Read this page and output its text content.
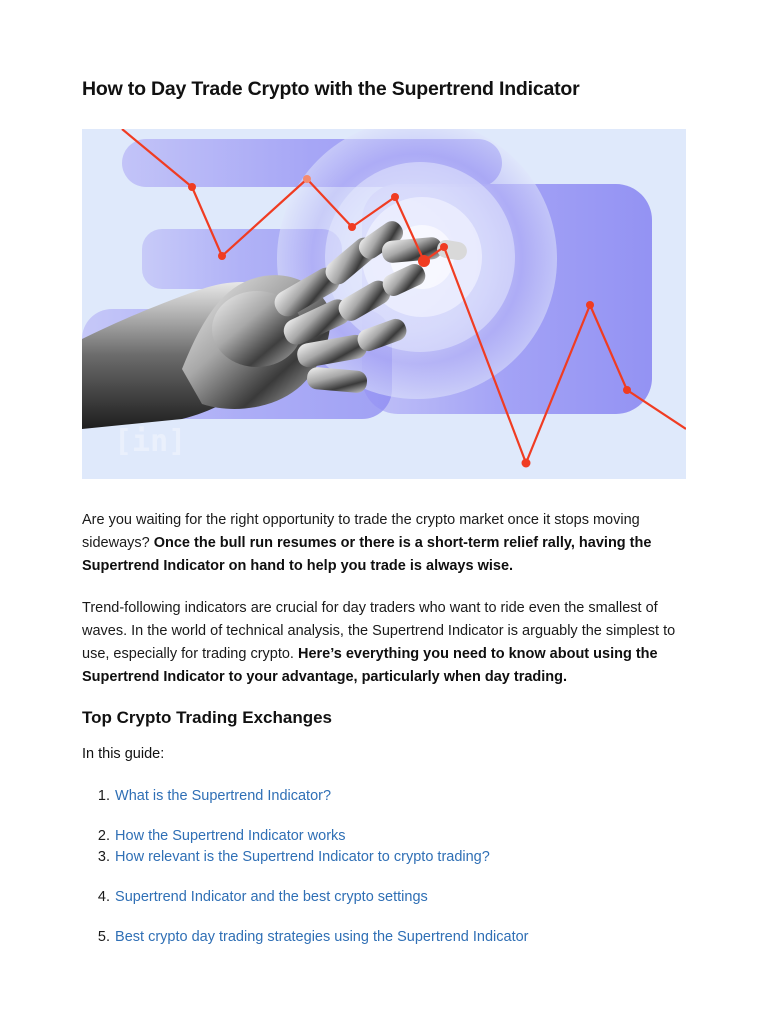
How to Day Trade Crypto with the Supertrend Indicator
[in]

Are you waiting for the right opportunity to trade the crypto market once it stops moving sideways? Once the bull run resumes or there is a short-term relief rally, having the Supertrend Indicator on hand to help you trade is always wise.

Trend-following indicators are crucial for day traders who want to ride even the smallest of waves. In the world of technical analysis, the Supertrend Indicator is arguably the simplest to use, especially for trading crypto. Here’s everything you need to know about using the Supertrend Indicator to your advantage, particularly when day trading.

Top Crypto Trading Exchanges
In this guide:
1. What is the Supertrend Indicator?
2. How the Supertrend Indicator works
3. How relevant is the Supertrend Indicator to crypto trading?
4. Supertrend Indicator and the best crypto settings
5. Best crypto day trading strategies using the Supertrend Indicator
